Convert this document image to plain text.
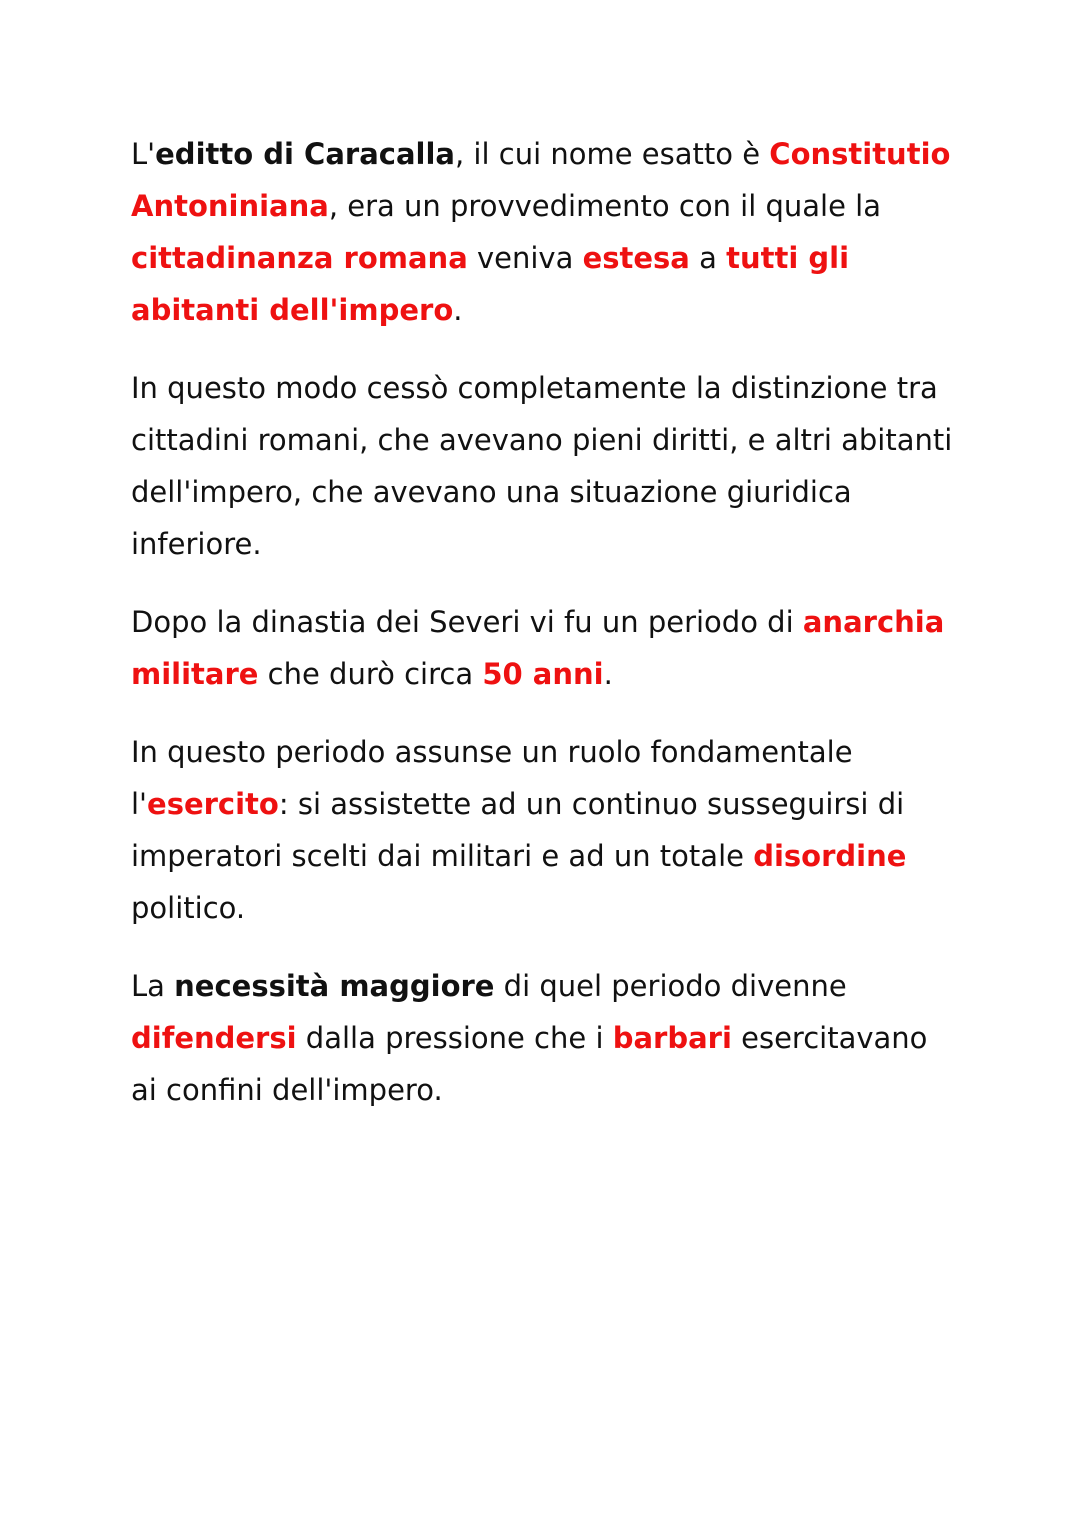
L'editto di Caracalla, il cui nome esatto è Constitutio Antoniniana, era un provvedimento con il quale la cittadinanza romana veniva estesa a tutti gli abitanti dell'impero.

In questo modo cessò completamente la distinzione tra cittadini romani, che avevano pieni diritti, e altri abitanti dell'impero, che avevano una situazione giuridica inferiore.

Dopo la dinastia dei Severi vi fu un periodo di anarchia militare che durò circa 50 anni.

In questo periodo assunse un ruolo fondamentale l'esercito: si assistette ad un continuo susseguirsi di imperatori scelti dai militari e ad un totale disordine politico.

La necessità maggiore di quel periodo divenne difendersi dalla pressione che i barbari esercitavano ai confini dell'impero.
